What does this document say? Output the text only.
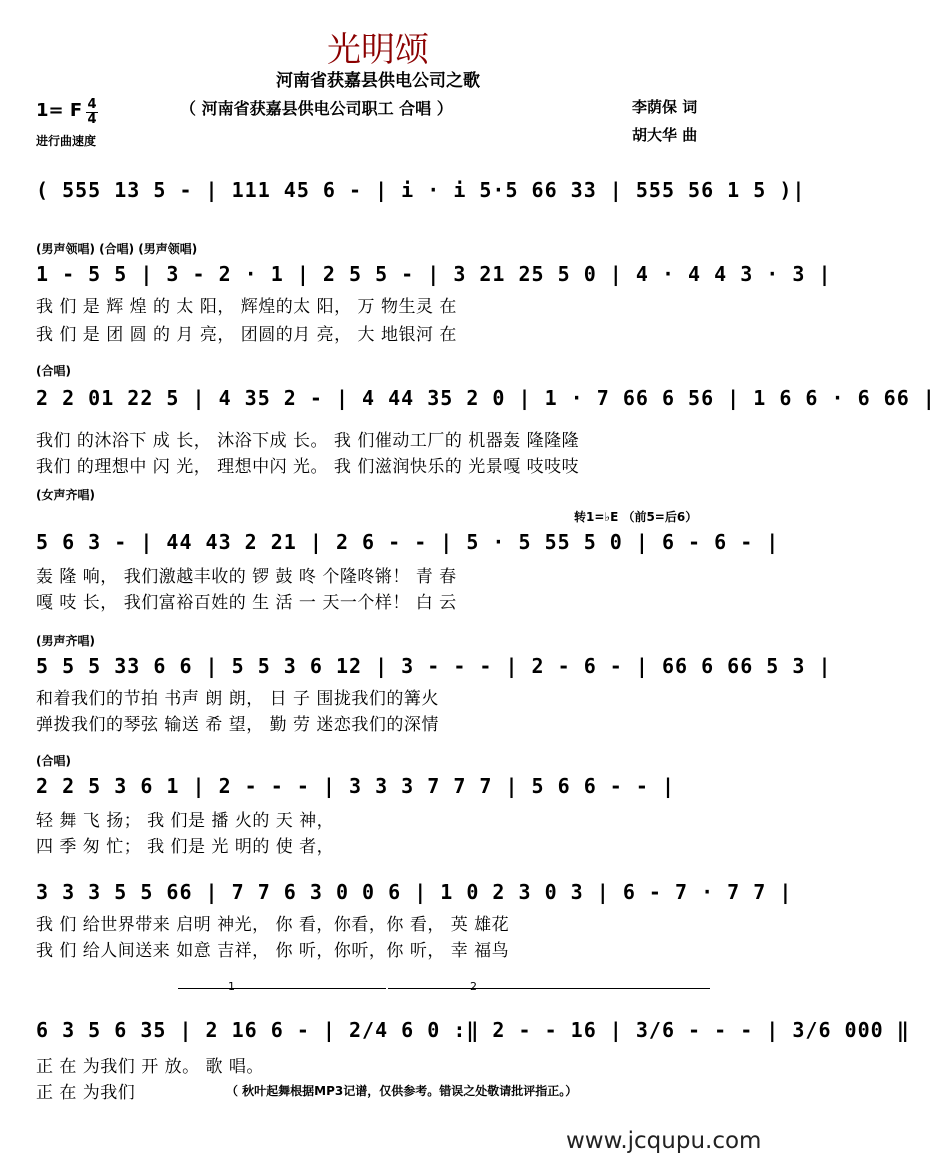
光明颂
河南省获嘉县供电公司之歌
（ 河南省获嘉县供电公司职工 合唱 ）
1= F 4
4
进行曲速度
李荫保 词
胡大华 曲
( 555 13 5 - | 111 45 6 - | i · i 5·5 66 33 | 555 56 1 5 )|
(男声领唱) (合唱) (男声领唱)
1 - 5 5 | 3 - 2 · 1 | 2 5 5 - | 3 21 25 5 0 | 4 · 4 4 3 · 3 |
我 们 是 辉 煌 的 太 阳， 辉煌的太 阳， 万 物生灵 在
我 们 是 团 圆 的 月 亮， 团圆的月 亮， 大 地银河 在
(合唱)
2 2 01 22 5 | 4 35 2 - | 4 44 35 2 0 | 1 · 7 66 6 56 | 1 6 6 · 6 66 |
我们 的沐浴下 成 长， 沐浴下成 长。 我 们催动工厂的 机器轰 隆隆隆
我们 的理想中 闪 光， 理想中闪 光。 我 们滋润快乐的 光景嘎 吱吱吱
(女声齐唱)
转1=♭E （前5=后6）
5 6 3 - | 44 43 2 21 | 2 6 - - | 5 · 5 55 5 0 | 6 - 6 - |
轰 隆 响， 我们激越丰收的 锣 鼓 咚 个隆咚锵！ 青 春
嘎 吱 长， 我们富裕百姓的 生 活 一 天一个样！ 白 云
(男声齐唱)
5 5 5 33 6 6 | 5 5 3 6 12 | 3 - - - | 2 - 6 - | 66 6 66 5 3 |
和着我们的节拍 书声 朗 朗， 日 子 围拢我们的篝火
弹拨我们的琴弦 输送 希 望， 勤 劳 迷恋我们的深情
(合唱)
2 2 5 3 6 1 | 2 - - - | 3 3 3 7 7 7 | 5 6 6 - - |
轻 舞 飞 扬； 我 们是 播 火的 天 神，
四 季 匆 忙； 我 们是 光 明的 使 者，
3 3 3 5 5 66 | 7 7 6 3 0 0 6 | 1 0 2 3 0 3 | 6 - 7 · 7 7 |
我 们 给世界带来 启明 神光， 你 看，你看，你 看， 英 雄花
我 们 给人间送来 如意 吉祥， 你 听，你听，你 听， 幸 福鸟
1	2
6 3 5 6 35 | 2 16 6 - | 2/4 6 0 :‖ 2 - - 16 | 3/6 - - - | 3/6 000 ‖
正 在 为我们 开 放。 歌 唱。
正 在 为我们	（ 秋叶起舞根据MP3记谱，仅供参考。错误之处敬请批评指正。）
www.jcqupu.com
